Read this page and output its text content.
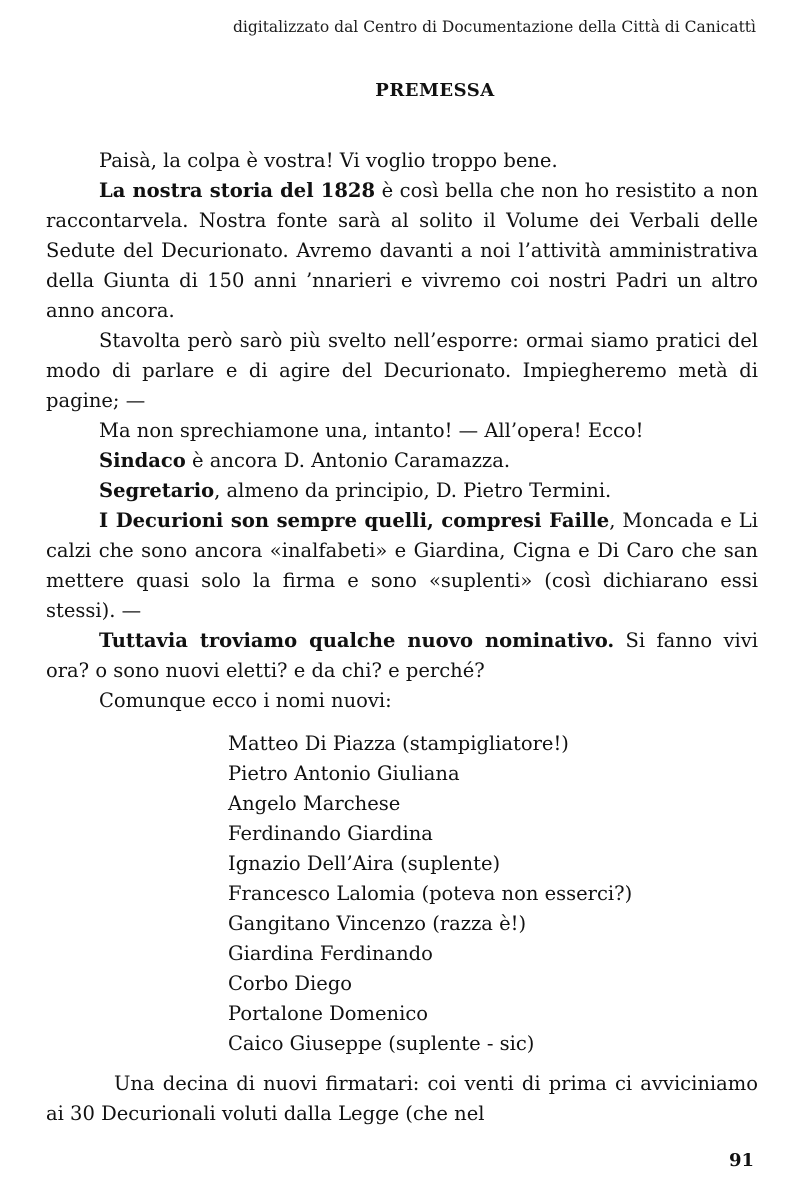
digitalizzato dal Centro di Documentazione della Città di Canicattì
PREMESSA

Paisà, la colpa è vostra! Vi voglio troppo bene.

La nostra storia del 1828 è così bella che non ho resistito a non raccontarvela. Nostra fonte sarà al solito il Volume dei Verbali delle Sedute del Decurionato. Avremo davanti a noi l’attività amministrativa della Giunta di 150 anni ’nnarieri e vivremo coi nostri Padri un altro anno ancora.

Stavolta però sarò più svelto nell’esporre: ormai siamo pratici del modo di parlare e di agire del Decurionato. Impiegheremo metà di pagine; —

Ma non sprechiamone una, intanto! — All’opera! Ecco!

Sindaco è ancora D. Antonio Caramazza.

Segretario, almeno da principio, D. Pietro Termini.

I Decurioni son sempre quelli, compresi Faille, Moncada e Li calzi che sono ancora «inalfabeti» e Giardina, Cigna e Di Caro che san mettere quasi solo la firma e sono «suplenti» (così dichiarano essi stessi). —

Tuttavia troviamo qualche nuovo nominativo. Si fanno vivi ora? o sono nuovi eletti? e da chi? e perché?

Comunque ecco i nomi nuovi:

Matteo Di Piazza (stampigliatore!)
Pietro Antonio Giuliana
Angelo Marchese
Ferdinando Giardina
Ignazio Dell’Aira (suplente)
Francesco Lalomia (poteva non esserci?)
Gangitano Vincenzo (razza è!)
Giardina Ferdinando
Corbo Diego
Portalone Domenico
Caico Giuseppe (suplente - sic)

Una decina di nuovi firmatari: coi venti di prima ci avviciniamo ai 30 Decurionali voluti dalla Legge (che nel

91
